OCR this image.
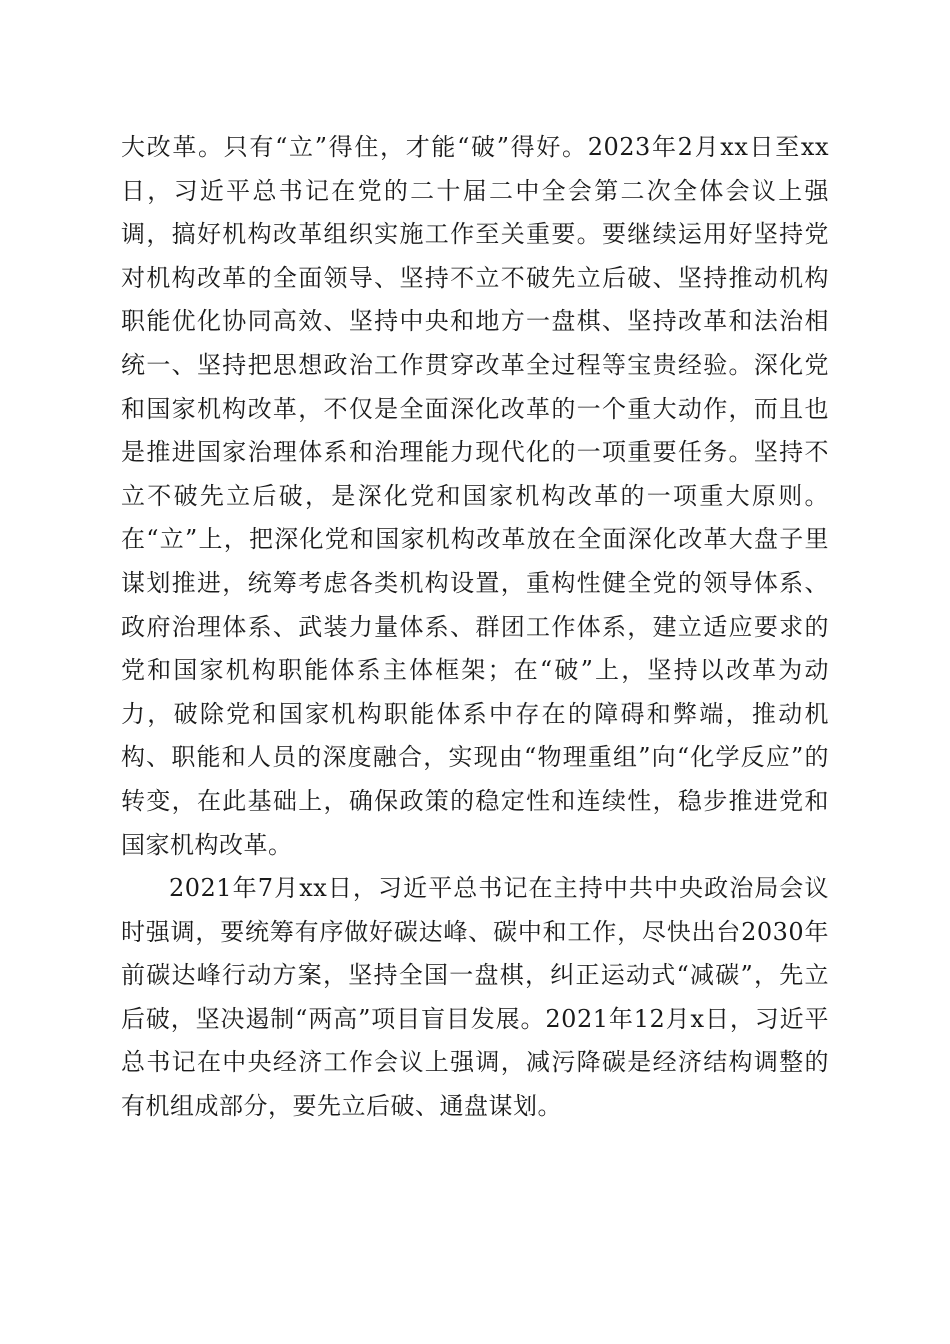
大改革。只有“立”得住，才能“破”得好。2023年2月xx日至xx日，习近平总书记在党的二十届二中全会第二次全体会议上强调，搞好机构改革组织实施工作至关重要。要继续运用好坚持党对机构改革的全面领导、坚持不立不破先立后破、坚持推动机构职能优化协同高效、坚持中央和地方一盘棋、坚持改革和法治相统一、坚持把思想政治工作贯穿改革全过程等宝贵经验。深化党和国家机构改革，不仅是全面深化改革的一个重大动作，而且也是推进国家治理体系和治理能力现代化的一项重要任务。坚持不立不破先立后破，是深化党和国家机构改革的一项重大原则。在“立”上，把深化党和国家机构改革放在全面深化改革大盘子里谋划推进，统筹考虑各类机构设置，重构性健全党的领导体系、政府治理体系、武装力量体系、群团工作体系，建立适应要求的党和国家机构职能体系主体框架；在“破”上，坚持以改革为动力，破除党和国家机构职能体系中存在的障碍和弊端，推动机构、职能和人员的深度融合，实现由“物理重组”向“化学反应”的转变，在此基础上，确保政策的稳定性和连续性，稳步推进党和国家机构改革。

2021年7月xx日，习近平总书记在主持中共中央政治局会议时强调，要统筹有序做好碳达峰、碳中和工作，尽快出台2030年前碳达峰行动方案，坚持全国一盘棋，纠正运动式“减碳”，先立后破，坚决遏制“两高”项目盲目发展。2021年12月x日，习近平总书记在中央经济工作会议上强调，减污降碳是经济结构调整的有机组成部分，要先立后破、通盘谋划。
